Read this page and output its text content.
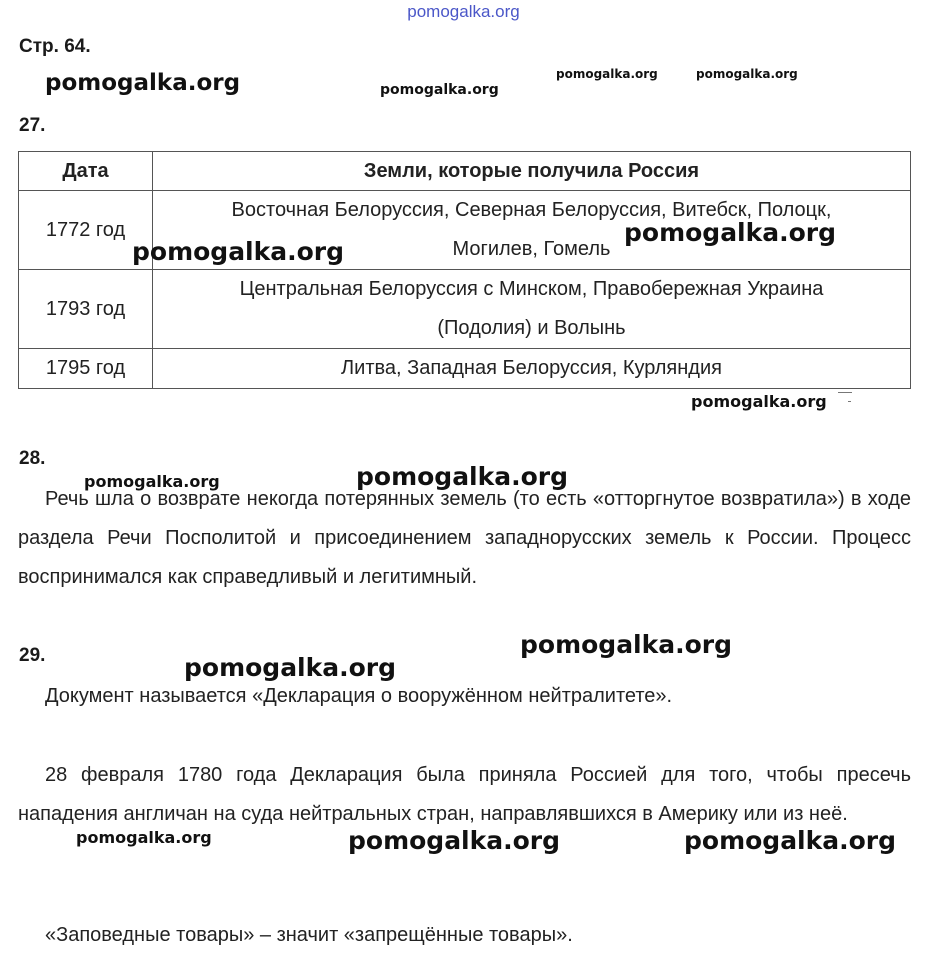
pomogalka.org
Стр. 64.
pomogalka.org	pomogalka.org
pomogalka.org	pomogalka.org
27.
Дата	Земли, которые получила Россия
1772 год	Восточная Белоруссия, Северная Белоруссия, Витебск, Полоцк,
Могилев, Гомель

1793 год	Центральная Белоруссия с Минском, Правобережная Украина
(Подолия) и Волынь

1795 год	Литва, Западная Белоруссия, Курляндия
pomogalka.org
pomogalka.org
pomogalka.org
28.

Речь шла о возврате некогда потерянных земель (то есть «отторгнутое возвратила») в ходе раздела Речи Посполитой и присоединением западнорусских земель к России. Процесс воспринимался как справедливый и легитимный.

pomogalka.org	pomogalka.org
29.

Документ называется «Декларация о вооружённом нейтралитете».

28 февраля 1780 года Декларация была приняла Россией для того, чтобы пресечь нападения англичан на суда нейтральных стран, направлявшихся в Америку или из неё.

«Заповедные товары» – значит «запрещённые товары».

pomogalka.org
pomogalka.org
pomogalka.org	pomogalka.org	pomogalka.org
